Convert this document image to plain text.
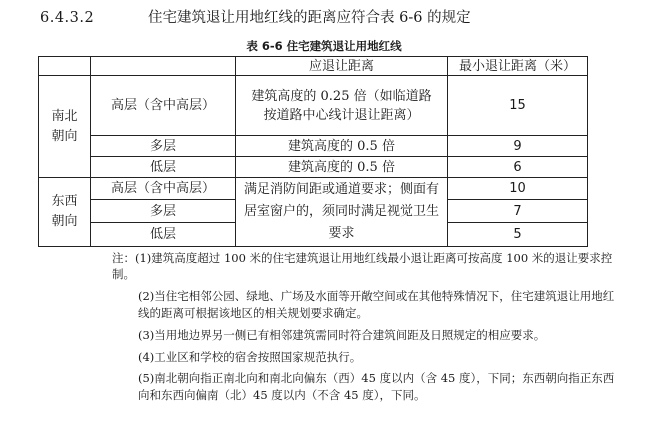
6.4.3.2	住宅建筑退让用地红线的距离应符合表 6-6 的规定
表 6-6 住宅建筑退让用地红线
		应退让距离	最小退让距离（米）
南北朝向	高层（含中高层）	建筑高度的 0.25 倍（如临道路按道路中心线计退让距离）	15
	多层	建筑高度的 0.5 倍	9
	低层	建筑高度的 0.5 倍	6
东西朝向	高层（含中高层）	满足消防间距或通道要求；侧面有居室窗户的，须同时满足视觉卫生要求	10
	多层		7
	低层		5

注：(1)建筑高度超过 100 米的住宅建筑退让用地红线最小退让距离可按高度 100 米的退让要求控制。

(2)当住宅相邻公园、绿地、广场及水面等开敞空间或在其他特殊情况下，住宅建筑退让用地红线的距离可根据该地区的相关规划要求确定。

(3)当用地边界另一侧已有相邻建筑需同时符合建筑间距及日照规定的相应要求。

(4)工业区和学校的宿舍按照国家规范执行。

(5)南北朝向指正南北向和南北向偏东（西）45 度以内（含 45 度），下同；东西朝向指正东西向和东西向偏南（北）45 度以内（不含 45 度），下同。
